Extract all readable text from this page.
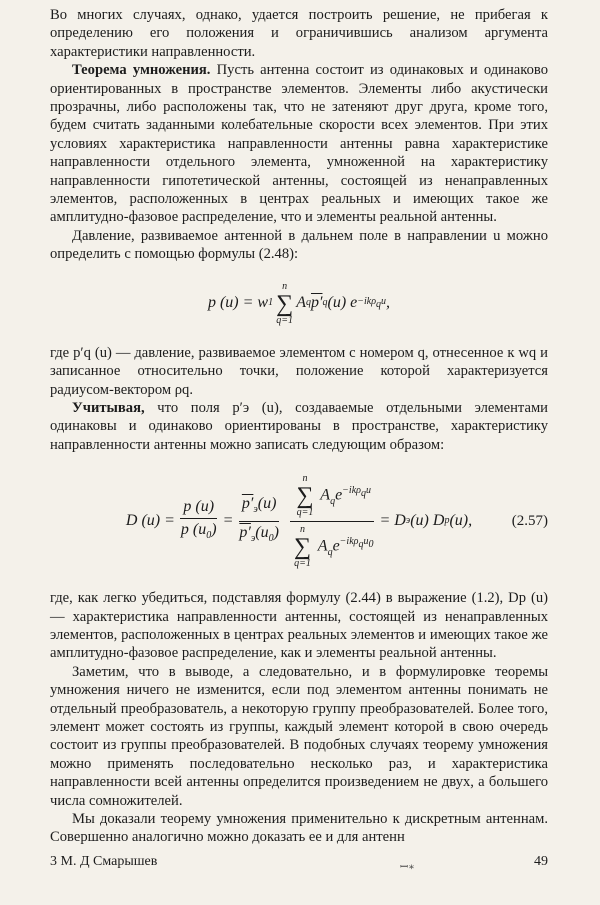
Во многих случаях, однако, удается построить решение, не прибегая к определению его положения и ограничившись анализом аргумента характеристики направленности.

Теорема умножения. Пусть антенна состоит из одинаковых и одинаково ориентированных в пространстве элементов. Элементы либо акустически прозрачны, либо расположены так, что не затеняют друг друга, кроме того, будем считать заданными колебательные скорости всех элементов. При этих условиях характеристика направленности антенны равна характеристике направленности отдельного элемента, умноженной на характеристику направленности гипотетической антенны, состоящей из ненаправленных элементов, расположенных в центрах реальных и имеющих такое же амплитудно-фазовое распределение, что и элементы реальной антенны.

Давление, развиваемое антенной в дальнем поле в направлении u можно определить с помощью формулы (2.48):

p (u) = w 1
n
∑
q=1
A q p′ q (u) e −ikρ$_q$u ,

где p′q (u) — давление, развиваемое элементом с номером q, отнесенное к wq и записанное относительно точки, положение которой характеризуется радиусом-вектором ρq.

Учитывая, что поля p′э (u), создаваемые отдельными элементами одинаковы и одинаково ориентированы в пространстве, характеристику направленности антенны можно записать следующим образом:

D $(u) = \frac{p (u)}{p (u_0)} = \frac{p'_э(u)}{p'_э(u_0)}$ n
∑
q=1
$A_qe^{-ik\rho_qu}$
n
∑
q=1
$A_qe^{-ik\rho_qu_0} = D$ э (u) D р (u),	(2.57)

где, как легко убедиться, подставляя формулу (2.44) в выражение (1.2), Dр (u) — характеристика направленности антенны, состоящей из ненаправленных элементов, расположенных в центрах реальных элементов и имеющих такое же амплитудно-фазовое распределение, как и элементы реальной антенны.

Заметим, что в выводе, а следовательно, и в формулировке теоремы умножения ничего не изменится, если под элементом антенны понимать не отдельный преобразователь, а некоторую группу преобразователей. Более того, элемент может состоять из группы, каждый элемент которой в свою очередь состоит из группы преобразователей. В подобных случаях теорему умножения можно применять последовательно несколько раз, и характеристика направленности всей антенны определится произведением не двух, а большего числа сомножителей.

Мы доказали теорему умножения применительно к дискретным антеннам. Совершенно аналогично можно доказать ее и для антенн

3 М. Д Смарышев	ꟷ∗	49
